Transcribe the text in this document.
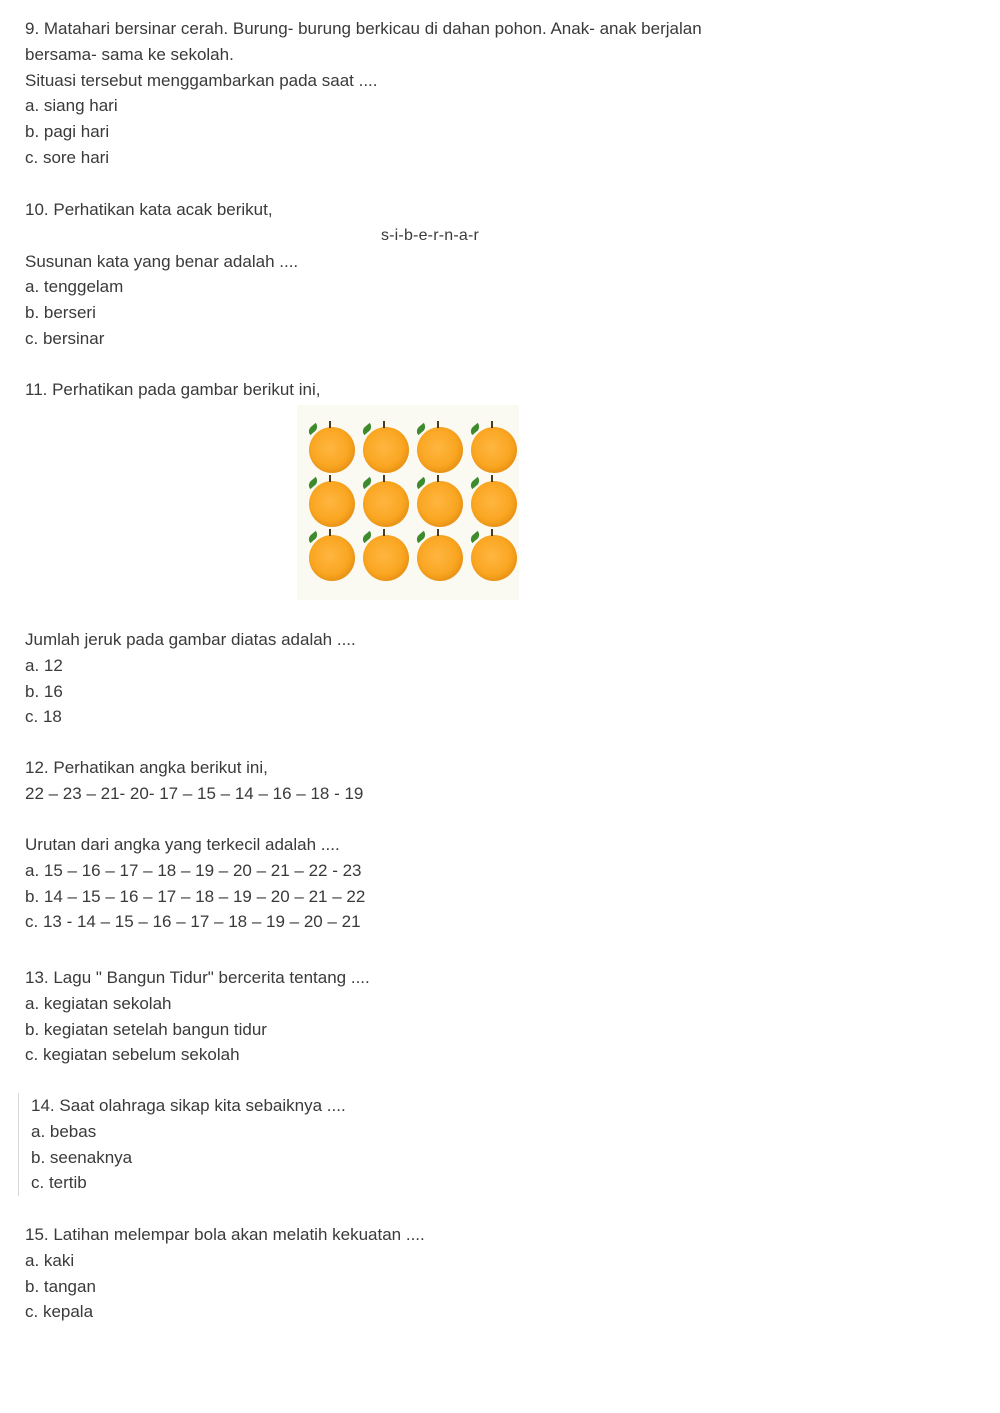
9. Matahari bersinar cerah. Burung- burung berkicau di dahan pohon. Anak- anak berjalan
bersama- sama ke sekolah.
Situasi tersebut menggambarkan pada saat ....
a. siang hari
b. pagi hari
c. sore hari
10. Perhatikan kata acak berikut,
s-i-b-e-r-n-a-r
Susunan kata yang benar adalah ....
a. tenggelam
b. berseri
c. bersinar
11. Perhatikan pada gambar berikut ini,
Jumlah jeruk pada gambar diatas adalah ....
a. 12
b. 16
c. 18
12. Perhatikan angka berikut ini,
22 – 23 – 21- 20- 17 – 15 – 14 – 16 – 18 - 19
Urutan dari angka yang terkecil adalah ....
a. 15 – 16 – 17 – 18 – 19 – 20 – 21 – 22 - 23
b. 14 – 15 – 16 – 17 – 18 – 19 – 20 – 21 – 22
c. 13 - 14 – 15 – 16 – 17 – 18 – 19 – 20 – 21
13. Lagu " Bangun Tidur" bercerita tentang ....
a. kegiatan sekolah
b. kegiatan setelah bangun tidur
c. kegiatan sebelum sekolah
14. Saat olahraga sikap kita sebaiknya ....
a. bebas
b. seenaknya
c. tertib
15. Latihan melempar bola akan melatih kekuatan ....
a. kaki
b. tangan
c. kepala
